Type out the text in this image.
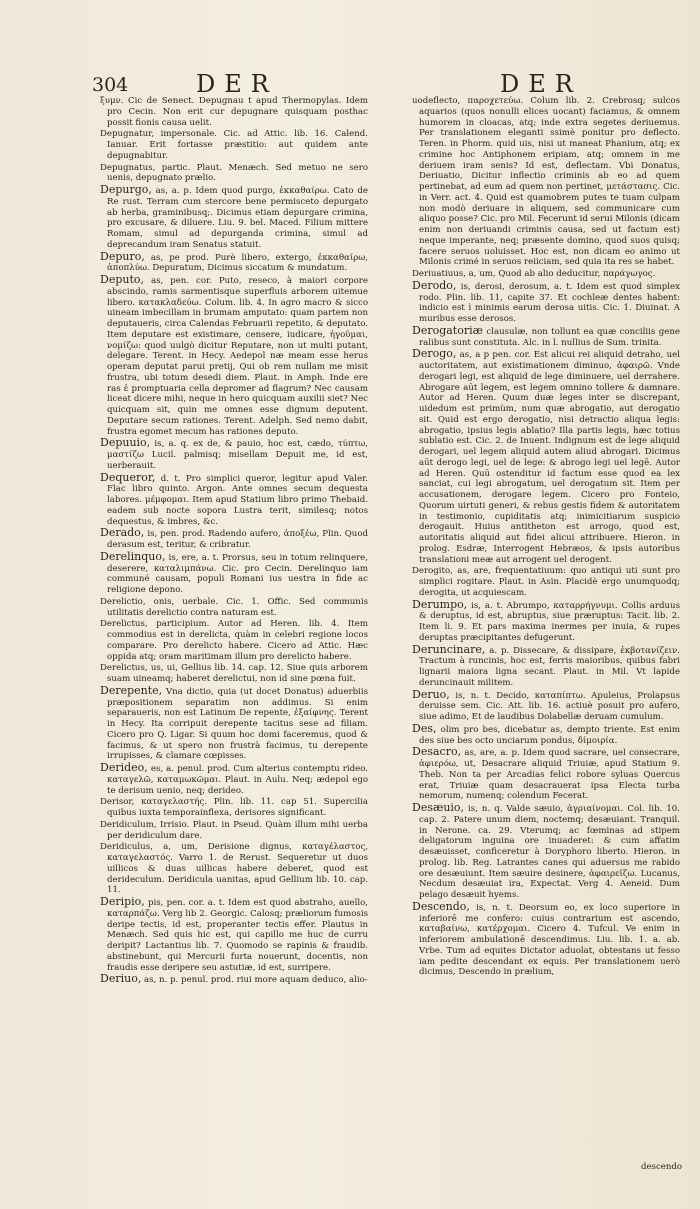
304	DER	DER

ξυμν. Cic de Senect. Depugnau t apud Thermopylas. Idem pro Cecin. Non erit cur depugnare quisquam posthac possit fionis causa uelit.

Depugnatur, impersonale. Cic. ad Attic. lib. 16. Calend. Ianuar. Erit fortasse præstitio: aut quidem ante depugnabitur.

Depugnatus, partic. Plaut. Menæch. Sed metuo ne sero uenis, depugnato prælio.

Depurgo, as, a. p. Idem quod purgo, ἐκκαθαίρω. Cato de Re rust. Terram cum stercore bene permisceto depurgato ab herba, graminibusq;. Dicimus etiam depurgare crimina, pro excusare, & diluere. Liu. 9. bel. Maced. Filium mittere Romam, simul ad depurganda crimina, simul ad deprecandum iram Senatus statuit.

Depuro, as, pe prod. Purè libero, extergo, ἐκκαθαίρω, ἀποπλύω. Depuratum, Dicimus siccatum & mundatum.

Deputo, as, pen. cor. Puto, reseco, à maiori corpore abscindo, ramis sarmentisque superfluis arborem uitemue libero. κατακλαδεύω. Colum. lib. 4. In agro macro & sicco uineam imbecillam in brumam amputato: quam partem non deputaueris, circa Calendas Februarii repetito, & deputato. Item deputare est existimare, censere, iudicare, ἡγοῦμαι, νομίζω: quod uulgò dicitur Reputare, non ut multi putant, delegare. Terent. in Hecy. Aedepol næ meam esse herus operam deputat parui pretij, Qui ob rem nullam me misit frustra, ubi totum desedi diem. Plaut. in Amph. Inde ere ras ἐ promptuaria cella depromer ad flagrum? Nec causam liceat dicere mihi, neque in hero quicquam auxilii siet? Nec quicquam sit, quin me omnes esse dignum deputent. Deputare secum rationes. Terent. Adelph. Sed nemo dabit, frustra egomet mecum has rationes deputo.

Depuuio, is, a. q. ex de, & pauio, hoc est, cædo, τύπτω, μαστίζω Lucil. palmisq; misellam Depuit me, id est, uerberauit.

Dequeror, d. t. Pro simplici queror, legitur apud Valer. Flac libro quinto. Argon. Ante omnes secum dequesta labores. μέμφομαι. Item apud Statium libro primo Thebaid. eadem sub nocte sopora Lustra terit, similesq; notos dequestus, & imbres, &c.

Derado, is, pen. prod. Radendo aufero, ἀποξέω, Plin. Quod derasum est, teritur, & cribratur.

Derelinquo, is, ere, a. t. Prorsus, seu in totum relinquere, deserere, καταλιμπάνω. Cic. pro Cecin. Derelinquo iam communé causam, populi Romani ius uestra in fide ac religione depono.

Derelictio, onis, uerbale. Cic. 1. Offic. Sed communis utilitatis derelictio contra naturam est.

Derelictus, participium. Autor ad Heren. lib. 4. Item commodius est in derelicta, quàm in celebri regione locos comparare. Pro derelicto habere. Cicero ad Attic. Hæc oppida atq; oram maritimam illum pro derelicto habere.

Derelictus, us, ui, Gellius lib. 14. cap. 12. Siue quis arborem suam uineamq; haberet derelictui, non id sine pœna fuit.

Derepente, Vna dictio, quia (ut docet Donatus) aduerbiis præpositionem separatim non addimus. Si enim separaueris, non est Latinum De repente, ἐξαίφνης. Terent in Hecy. Ita corripuit derepente tacitus sese ad filiam. Cicero pro Q. Ligar. Si quum hoc domi faceremus, quod & facimus, & ut spero non frustrà facimus, tu derepente irrupisses, & clamare cœpisses.

Derideo, es, a. penul. prod. Cum alterius contemptu rideo. καταγελῶ, καταμωκῶμαι. Plaut. in Aulu. Neq; ædepol ego te derisum uenio, neq; derideo.

Derisor, καταγελαστής. Plin. lib. 11. cap 51. Supercilia quibus iuxta temporainflexa, derisores significant.

Deridiculum, Irrisio. Plaut. in Pseud. Quàm illum mihi uerba per deridiculum dare.

Deridiculus, a, um, Derisione dignus, καταγέλαστος, καταγελαστός. Varro 1. de Rerust. Sequeretur ut duos uillicos & duas uillicas habere deberet, quod est derideculum. Deridicula uanitas, apud Gellium lib. 10. cap. 11.

Deripio, pis, pen. cor. a. t. Idem est quod abstraho, auello, καταρπάζω. Verg lib 2. Georgic. Calosq; præliorum fumosis deripe tectis, id est, properanter tectis effer. Plautus in Menæch. Sed quis hic est, qui capillo me huc de curru deripit? Lactantius lib. 7. Quomodo se rapinis & fraudib. abstinebunt, qui Mercurii furta nouerunt, docentis, non fraudis esse deripere seu astutiæ, id est, surripere.

Deriuo, as, n. p. penul. prod. riui more aquam deduco, alio-

uodeflecto, παροχετεύω. Colum lib. 2. Crebrosq; sulcos aquarios (quos nonulli elices uocant) faciamus, & omnem humorem in cloacas, atq; inde extra segetes deriuemus. Per translationem eleganti ssimè ponitur pro deflecto. Teren. in Phorm. quid uis, nisi ut maneat Phanium, atq; ex crimine hoc Antiphonem eripiam, atq; omnem in me deriuem iram senis? Id est, deflectam. Vbi Donatus, Deriuatio, Dicitur inflectio criminis ab eo ad quem pertinebat, ad eum ad quem non pertinet, μετάστασις. Cic. in Verr. act. 4. Quid est quamobrem putes te tuam culpam non modò deriuare in aliquem, sed communicare cum aliquo posse? Cic. pro Mil. Fecerunt id serui Milonis (dicam enim non deriuandi criminis causa, sed ut factum est) neque imperante, neq; præsente domino, quod suos quisq; facere seruos uoluisset. Hoc est, non dicam eo animo ut Milonis crimé in seruos reiiciam, sed quia ita res se habet.

Deriuatiuus, a, um, Quod ab alio deducitur, παράγωγος.

Derodo, is, derosi, derosum, a. t. Idem est quod simplex rodo. Plin. lib. 11, capite 37. Et cochleæ dentes habent: indicio est ì minimis earum derosa uitis. Cic. 1. Diuinat. A muribus esse derosos.

Derogatoriæ clausulæ, non tollunt ea quæ conciliis gene ralibus sunt constituta. Alc. in l. nullius de Sum. trinita.

Derogo, as, a p pen. cor. Est alicui rei aliquid detraho, uel auctoritatem, aut existimationem diminuo, ἀφαιρῶ. Vnde derogari legi, est aliquid de lege diminuere, uel derrahere. Abrogare aūt legem, est legem omnino tollere & damnare. Autor ad Heren. Quum duæ leges inter se discrepant, uidedum est primùm, num quæ abrogatio, aut derogatio sit. Quid est ergo derogatio, nisi detractio aliqua legis: abrogatio, ipsius legis ablatio? Illa partis legis, hæc totius sublatio est. Cic. 2. de Inuent. Indignum est de lege aliquid derogari, uel legem aliquid autem aliud abrogari. Dicimus aūt derogo legi, uel de lege: & abrogo legi uel legē. Autor ad Heren. Quū ostenditur id factum esse quod ea lex sanciat, cui legi abrogatum, uel derogatum sit. Item per accusationem, derogare legem. Cicero pro Fonteio, Quorum uirtuti generi, & rebus gestis fidem & autoritatem in testimonio, cupiditatis atq; inimicitiarum suspicio derogauit. Huius antitheton est arrogo, quod est, autoritatis aliquid aut fidei alicui attribuere. Hieron. in prolog. Esdræ, Interrogent Hebræos, & ipsis autoribus translationi meæ aut arrogent uel derogent.

Derogito, as, are, frequentatiuum: quo antiqui uti sunt pro simplici rogitare. Plaut. in Asin. Placidè ergo unumquodq; derogita, ut acquiescam.

Derumpo, is, a. t. Abrumpo, καταρρήγνυμι. Collis arduus & deruptus, id est, abruptus, siue præruptus: Tacit. lib. 2. Item li. 9. Et pars maxima inermes per inuia, & rupes deruptas præcipitantes defugerunt.

Deruncinare, a. p. Dissecare, & dissipare, ἐκβοτανίζειν. Tractum à runcinis, hoc est, ferris maioribus, quibus fabri lignarii maiora ligna secant. Plaut. in Mil. Vt lapide deruncinauit militem.

Deruo, is, n. t. Decido, καταπίπτω. Apuleius, Prolapsus deruisse sem. Cic. Att. lib. 16. actiuè posuit pro aufero, siue adimo, Et de laudibus Dolabellæ deruam cumulum.

Des, olim pro bes, dicebatur as, dempto triente. Est enim des siue bes octo unciarum pondus, δίμοιρία.

Desacro, as, are, a. p. Idem quod sacrare, uel consecrare, ἀφιερόω, ut, Desacrare aliquid Triuiæ, apud Statium 9. Theb. Non ta per Arcadias felici robore syluas Quercus erat, Triuiæ quam desacrauerat ipsa Electa turba nemorum, numenq; colendum Fecerat.

Desæuio, is, n. q. Valde sæuio, ἀγριαίνομαι. Col. lib. 10. cap. 2. Patere unum diem, noctemq; desæuiant. Tranquil. in Nerone. ca. 29. Vterumq; ac fœminas ad stipem deligatorum inguina ore inuaderet: & cum affatim desæuisset, conficeretur à Doryphoro liberto. Hieron. in prolog. lib. Reg. Latrantes canes qui aduersus me rabido ore desæuiunt. Item sæuire desinere, ἀφαιρεῖζω. Lucanus, Necdum desæuiat ira, Expectat. Verg 4. Aeneid. Dum pelago desæuit hyems.

Descendo, is, n. t. Deorsum eo, ex loco superiore in inferiorē me confero: cuius contrarium est ascendo, καταβαίνω, κατέρχομαι. Cicero 4. Tufcul. Ve enim in inferiorem ambulationē descendimus. Liu. lib. 1. a. ab. Vrbe. Tum ad equites Dictator aduolat, obtestans ut fesso iam pedite descendant ex equis. Per translationem uerò dicimus, Descendo in prælium,

descendo
